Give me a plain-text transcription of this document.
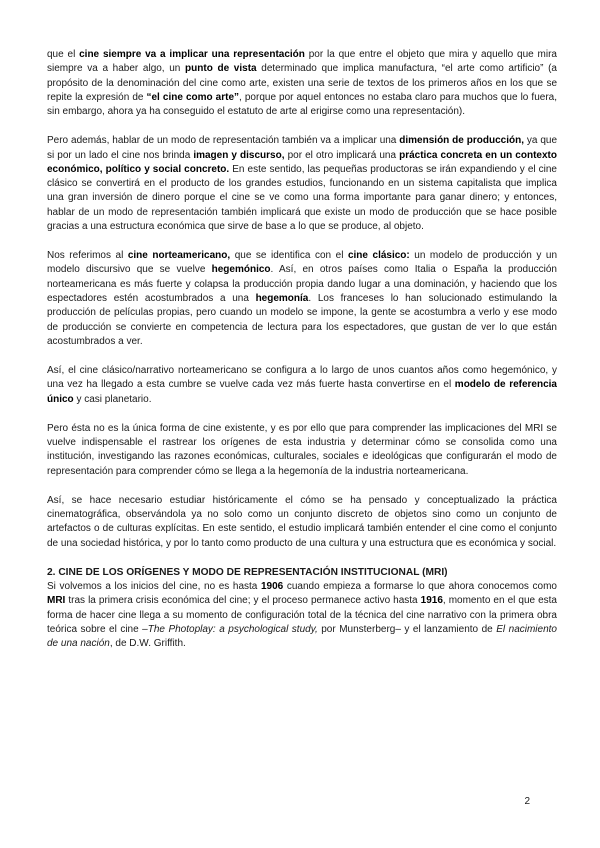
que el cine siempre va a implicar una representación por la que entre el objeto que mira y aquello que mira siempre va a haber algo, un punto de vista determinado que implica manufactura, “el arte como artificio” (a propósito de la denominación del cine como arte, existen una serie de textos de los primeros años en los que se repite la expresión de “el cine como arte”, porque por aquel entonces no estaba claro para muchos que lo fuera, sin embargo, ahora ya ha conseguido el estatuto de arte al erigirse como una representación).

Pero además, hablar de un modo de representación también va a implicar una dimensión de producción, ya que si por un lado el cine nos brinda imagen y discurso, por el otro implicará una práctica concreta en un contexto económico, político y social concreto. En este sentido, las pequeñas productoras se irán expandiendo y el cine clásico se convertirá en el producto de los grandes estudios, funcionando en un sistema capitalista que implica una gran inversión de dinero porque el cine se ve como una forma importante para ganar dinero; y entonces, hablar de un modo de representación también implicará que existe un modo de producción que se hace posible gracias a una estructura económica que sirve de base a lo que se produce, al objeto.

Nos referimos al cine norteamericano, que se identifica con el cine clásico: un modelo de producción y un modelo discursivo que se vuelve hegemónico. Así, en otros países como Italia o España la producción norteamericana es más fuerte y colapsa la producción propia dando lugar a una dominación, y haciendo que los espectadores estén acostumbrados a una hegemonía. Los franceses lo han solucionado estimulando la producción de películas propias, pero cuando un modelo se impone, la gente se acostumbra a verlo y ese modo de producción se convierte en competencia de lectura para los espectadores, que gustan de ver lo que están acostumbrados a ver.

Así, el cine clásico/narrativo norteamericano se configura a lo largo de unos cuantos años como hegemónico, y una vez ha llegado a esta cumbre se vuelve cada vez más fuerte hasta convertirse en el modelo de referencia único y casi planetario.

Pero ésta no es la única forma de cine existente, y es por ello que para comprender las implicaciones del MRI se vuelve indispensable el rastrear los orígenes de esta industria y determinar cómo se consolida como una institución, investigando las razones económicas, culturales, sociales e ideológicas que configurarán el modo de representación para comprender cómo se llega a la hegemonía de la industria norteamericana.

Así, se hace necesario estudiar históricamente el cómo se ha pensado y conceptualizado la práctica cinematográfica, observándola ya no solo como un conjunto discreto de objetos sino como un conjunto de artefactos o de culturas explícitas. En este sentido, el estudio implicará también entender el cine como el conjunto de una sociedad histórica, y por lo tanto como producto de una cultura y una estructura que es económica y social.

2. CINE DE LOS ORÍGENES Y MODO DE REPRESENTACIÓN INSTITUCIONAL (MRI)

Si volvemos a los inicios del cine, no es hasta 1906 cuando empieza a formarse lo que ahora conocemos como MRI tras la primera crisis económica del cine; y el proceso permanece activo hasta 1916, momento en el que esta forma de hacer cine llega a su momento de configuración total de la técnica del cine narrativo con la primera obra teórica sobre el cine –The Photoplay: a psychological study, por Munsterberg– y el lanzamiento de El nacimiento de una nación, de D.W. Griffith.

2
